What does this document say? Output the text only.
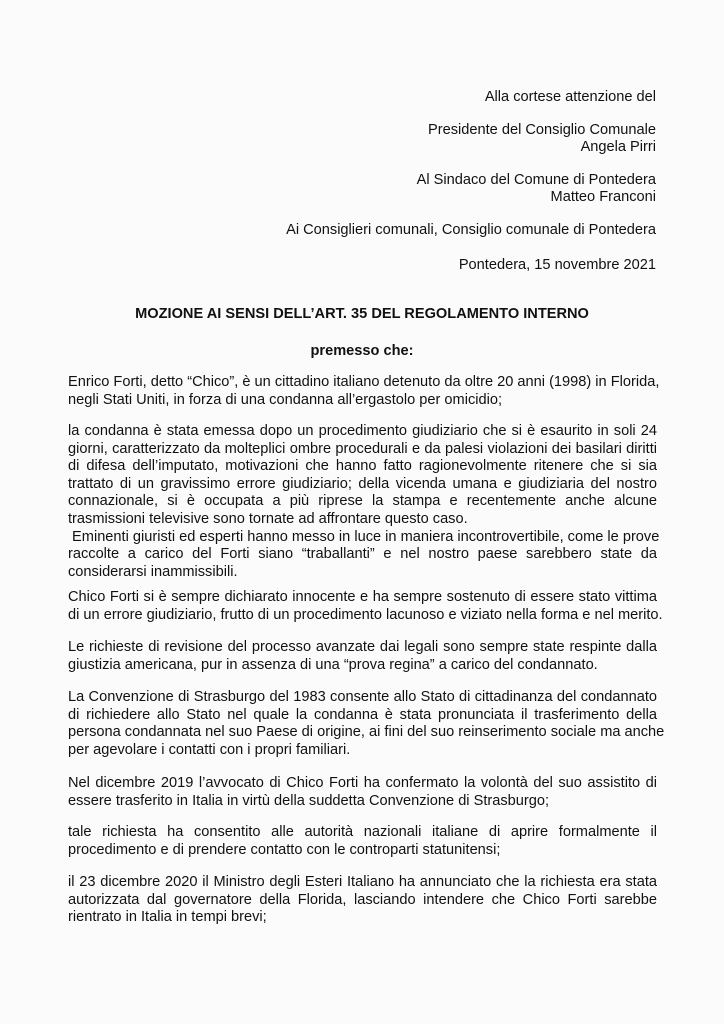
Alla cortese attenzione del
Presidente del Consiglio Comunale
Angela Pirri
Al Sindaco del Comune di Pontedera
Matteo Franconi
Ai Consiglieri comunali, Consiglio comunale di Pontedera
Pontedera, 15 novembre 2021
MOZIONE AI SENSI DELL’ART. 35 DEL REGOLAMENTO INTERNO
premesso che:
Enrico Forti, detto “Chico”, è un cittadino italiano detenuto da oltre 20 anni (1998) in Florida,
negli Stati Uniti, in forza di una condanna all’ergastolo per omicidio;
la condanna è stata emessa dopo un procedimento giudiziario che si è esaurito in soli 24
giorni, caratterizzato da molteplici ombre procedurali e da palesi violazioni dei basilari diritti
di difesa dell’imputato, motivazioni che hanno fatto ragionevolmente ritenere che si sia
trattato di un gravissimo errore giudiziario; della vicenda umana e giudiziaria del nostro
connazionale, si è occupata a più riprese la stampa e recentemente anche alcune
trasmissioni televisive sono tornate ad affrontare questo caso.
Eminenti giuristi ed esperti hanno messo in luce in maniera incontrovertibile, come le prove
raccolte a carico del Forti siano “traballanti” e nel nostro paese sarebbero state da
considerarsi inammissibili.
Chico Forti si è sempre dichiarato innocente e ha sempre sostenuto di essere stato vittima
di un errore giudiziario, frutto di un procedimento lacunoso e viziato nella forma e nel merito.
Le richieste di revisione del processo avanzate dai legali sono sempre state respinte dalla
giustizia americana, pur in assenza di una “prova regina” a carico del condannato.
La Convenzione di Strasburgo del 1983 consente allo Stato di cittadinanza del condannato
di richiedere allo Stato nel quale la condanna è stata pronunciata il trasferimento della
persona condannata nel suo Paese di origine, ai fini del suo reinserimento sociale ma anche
per agevolare i contatti con i propri familiari.
Nel dicembre 2019 l’avvocato di Chico Forti ha confermato la volontà del suo assistito di
essere trasferito in Italia in virtù della suddetta Convenzione di Strasburgo;
tale richiesta ha consentito alle autorità nazionali italiane di aprire formalmente il
procedimento e di prendere contatto con le controparti statunitensi;
il 23 dicembre 2020 il Ministro degli Esteri Italiano ha annunciato che la richiesta era stata
autorizzata dal governatore della Florida, lasciando intendere che Chico Forti sarebbe
rientrato in Italia in tempi brevi;
